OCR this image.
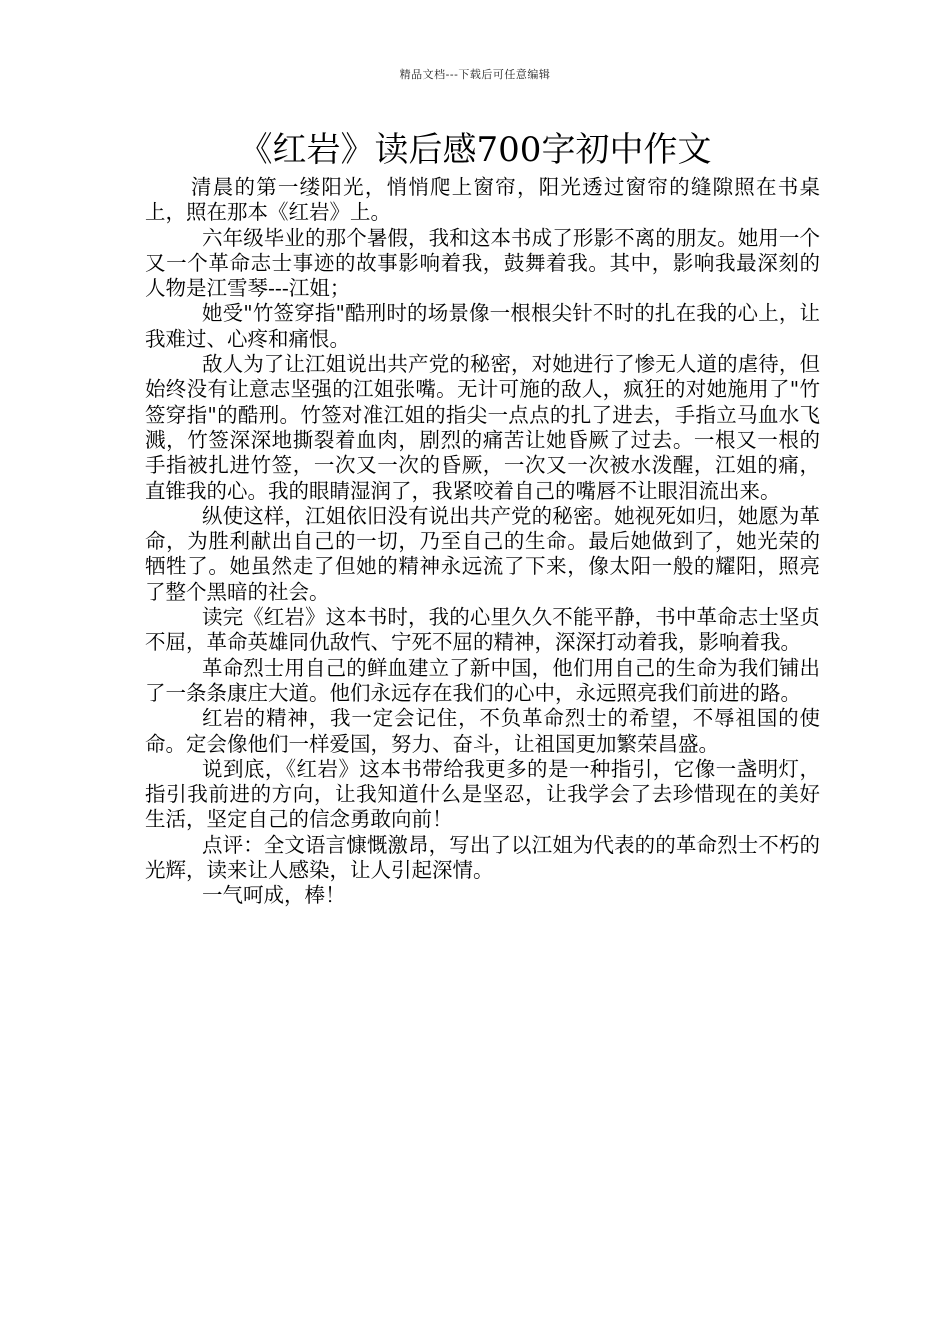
精品文档---下载后可任意编辑
《红岩》读后感700字初中作文

清晨的第一缕阳光，悄悄爬上窗帘，阳光透过窗帘的缝隙照在书桌上，照在那本《红岩》上。

六年级毕业的那个暑假，我和这本书成了形影不离的朋友。她用一个又一个革命志士事迹的故事影响着我，鼓舞着我。其中，影响我最深刻的人物是江雪琴---江姐；

她受"竹签穿指"酷刑时的场景像一根根尖针不时的扎在我的心上，让我难过、心疼和痛恨。

敌人为了让江姐说出共产党的秘密，对她进行了惨无人道的虐待，但始终没有让意志坚强的江姐张嘴。无计可施的敌人，疯狂的对她施用了"竹签穿指"的酷刑。竹签对准江姐的指尖一点点的扎了进去，手指立马血水飞溅，竹签深深地撕裂着血肉，剧烈的痛苦让她昏厥了过去。一根又一根的手指被扎进竹签，一次又一次的昏厥，一次又一次被水泼醒，江姐的痛，直锥我的心。我的眼睛湿润了，我紧咬着自己的嘴唇不让眼泪流出来。

纵使这样，江姐依旧没有说出共产党的秘密。她视死如归，她愿为革命，为胜利献出自己的一切，乃至自己的生命。最后她做到了，她光荣的牺牲了。她虽然走了但她的精神永远流了下来，像太阳一般的耀阳，照亮了整个黑暗的社会。

读完《红岩》这本书时，我的心里久久不能平静，书中革命志士坚贞不屈，革命英雄同仇敌忾、宁死不屈的精神，深深打动着我，影响着我。

革命烈士用自己的鲜血建立了新中国，他们用自己的生命为我们铺出了一条条康庄大道。他们永远存在我们的心中，永远照亮我们前进的路。

红岩的精神，我一定会记住，不负革命烈士的希望，不辱祖国的使命。定会像他们一样爱国，努力、奋斗，让祖国更加繁荣昌盛。

说到底，《红岩》这本书带给我更多的是一种指引，它像一盏明灯，指引我前进的方向，让我知道什么是坚忍，让我学会了去珍惜现在的美好生活，坚定自己的信念勇敢向前！

点评：全文语言慷慨激昂，写出了以江姐为代表的的革命烈士不朽的光辉，读来让人感染，让人引起深情。

一气呵成，棒！
